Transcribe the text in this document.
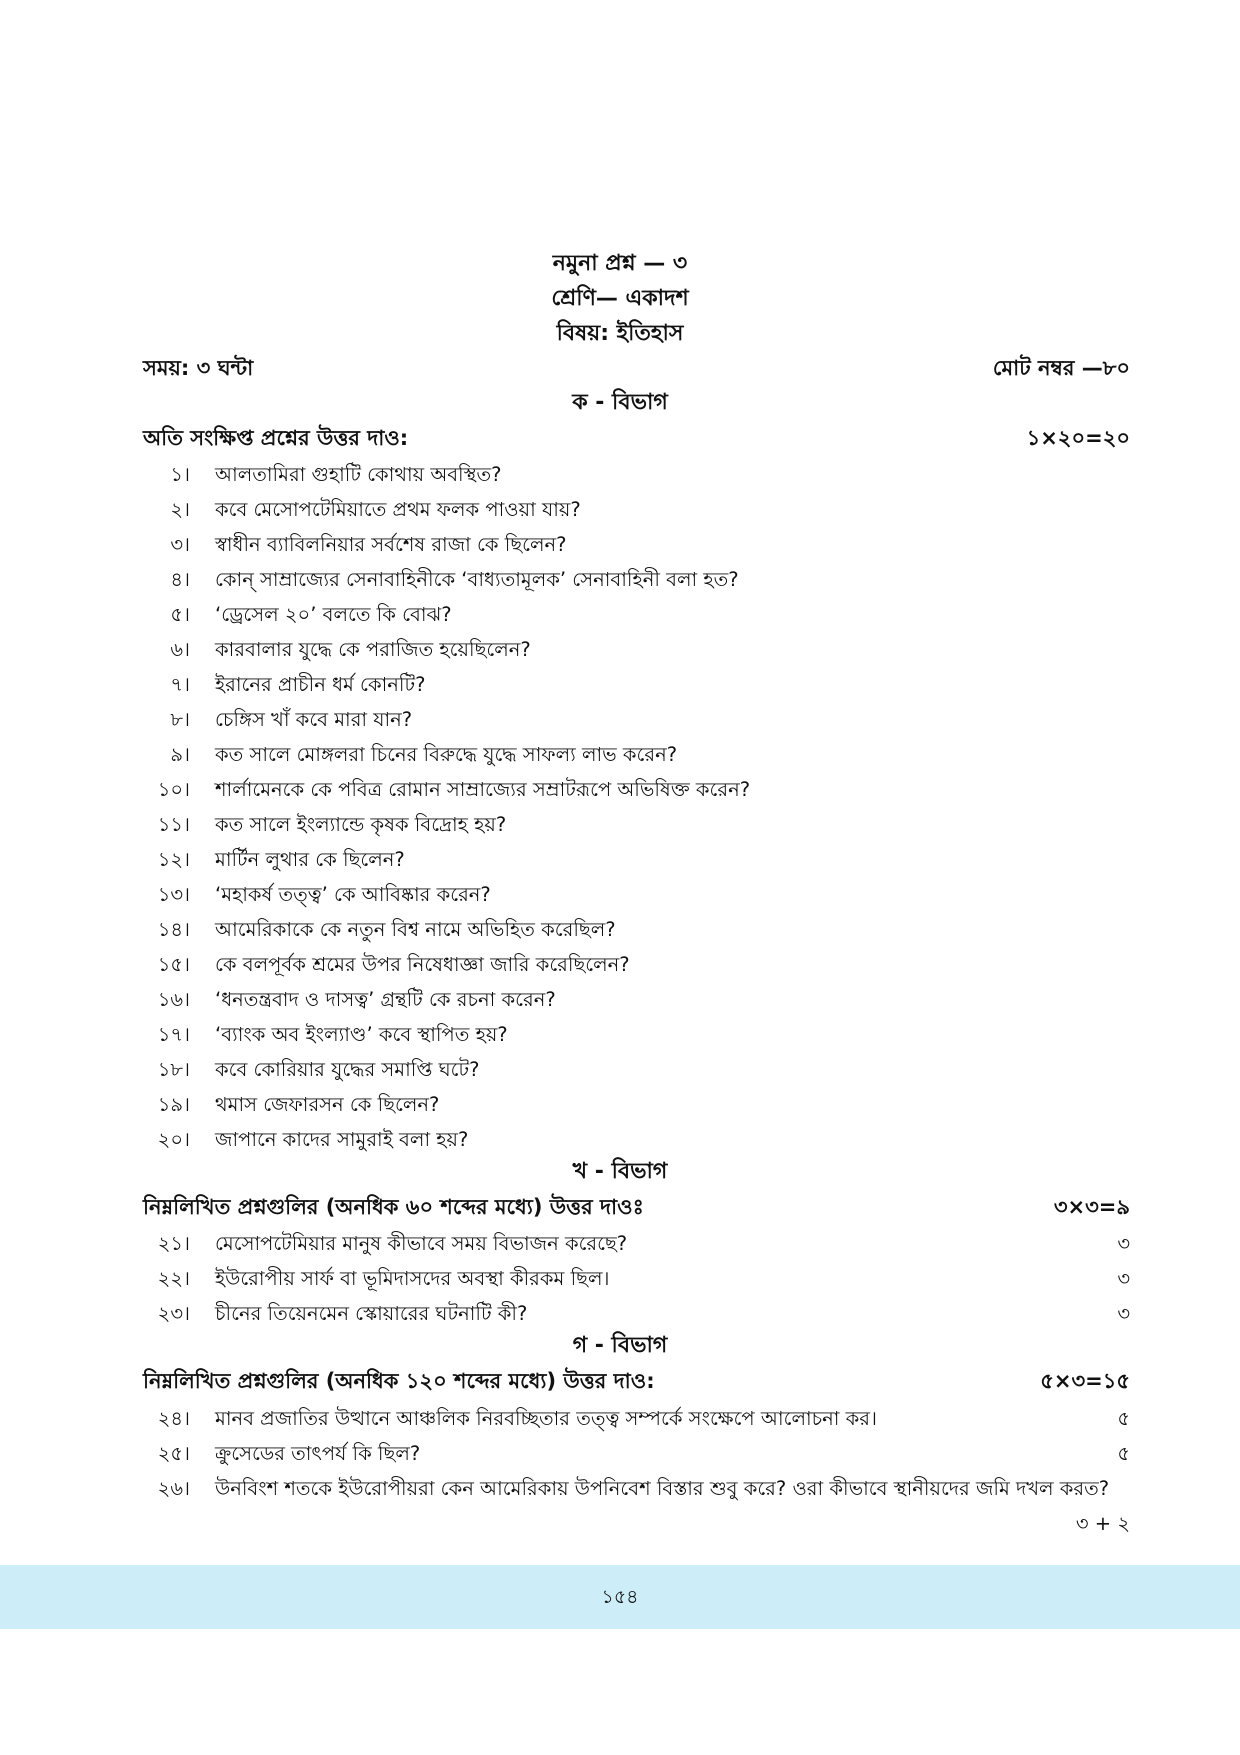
নমুনা প্রশ্ন — ৩
শ্রেণি— একাদশ
বিষয়: ইতিহাস
সময়: ৩ ঘন্টা	মোট নম্বর —৮০
ক - বিভাগ
অতি সংক্ষিপ্ত প্রশ্নের উত্তর দাও:	১×২০=২০
১। আলতামিরা গুহাটি কোথায় অবস্থিত?
২। কবে মেসোপটেমিয়াতে প্রথম ফলক পাওয়া যায়?
৩। স্বাধীন ব্যাবিলনিয়ার সর্বশেষ রাজা কে ছিলেন?
৪। কোন্ সাম্রাজ্যের সেনাবাহিনীকে ‘বাধ্যতামূলক’ সেনাবাহিনী বলা হত?
৫। ‘ড্রেসেল ২০’ বলতে কি বোঝ?
৬। কারবালার যুদ্ধে কে পরাজিত হয়েছিলেন?
৭। ইরানের প্রাচীন ধর্ম কোনটি?
৮। চেঙ্গিস খাঁ কবে মারা যান?
৯। কত সালে মোঙ্গলরা চিনের বিরুদ্ধে যুদ্ধে সাফল্য লাভ করেন?
১০। শার্লামেনকে কে পবিত্র রোমান সাম্রাজ্যের সম্রাটরূপে অভিষিক্ত করেন?
১১। কত সালে ইংল্যান্ডে কৃষক বিদ্রোহ হয়?
১২। মার্টিন লুথার কে ছিলেন?
১৩। ‘মহাকর্ষ তত্ত্ব’ কে আবিষ্কার করেন?
১৪। আমেরিকাকে কে নতুন বিশ্ব নামে অভিহিত করেছিল?
১৫। কে বলপূর্বক শ্রমের উপর নিষেধাজ্ঞা জারি করেছিলেন?
১৬। ‘ধনতন্ত্রবাদ ও দাসত্ব’ গ্রন্থটি কে রচনা করেন?
১৭। ‘ব্যাংক অব ইংল্যাণ্ড’ কবে স্থাপিত হয়?
১৮। কবে কোরিয়ার যুদ্ধের সমাপ্তি ঘটে?
১৯। থমাস জেফারসন কে ছিলেন?
২০। জাপানে কাদের সামুরাই বলা হয়?
খ - বিভাগ
নিম্নলিখিত প্রশ্নগুলির (অনধিক ৬০ শব্দের মধ্যে) উত্তর দাওঃ	৩×৩=৯
২১। মেসোপটেমিয়ার মানুষ কীভাবে সময় বিভাজন করেছে?	৩
২২। ইউরোপীয় সার্ফ বা ভূমিদাসদের অবস্থা কীরকম ছিল।	৩
২৩। চীনের তিয়েনমেন স্কোয়ারের ঘটনাটি কী?	৩
গ - বিভাগ
নিম্নলিখিত প্রশ্নগুলির (অনধিক ১২০ শব্দের মধ্যে) উত্তর দাও:	৫×৩=১৫
২৪। মানব প্রজাতির উত্থানে আঞ্চলিক নিরবচ্ছিতার তত্ত্ব সম্পর্কে সংক্ষেপে আলোচনা কর।	৫
২৫। ক্রুসেডের তাৎপর্য কি ছিল?	৫
২৬। উনবিংশ শতকে ইউরোপীয়রা কেন আমেরিকায় উপনিবেশ বিস্তার শুবু করে? ওরা কীভাবে স্থানীয়দের জমি দখল করত?
৩ + ২
১৫৪
